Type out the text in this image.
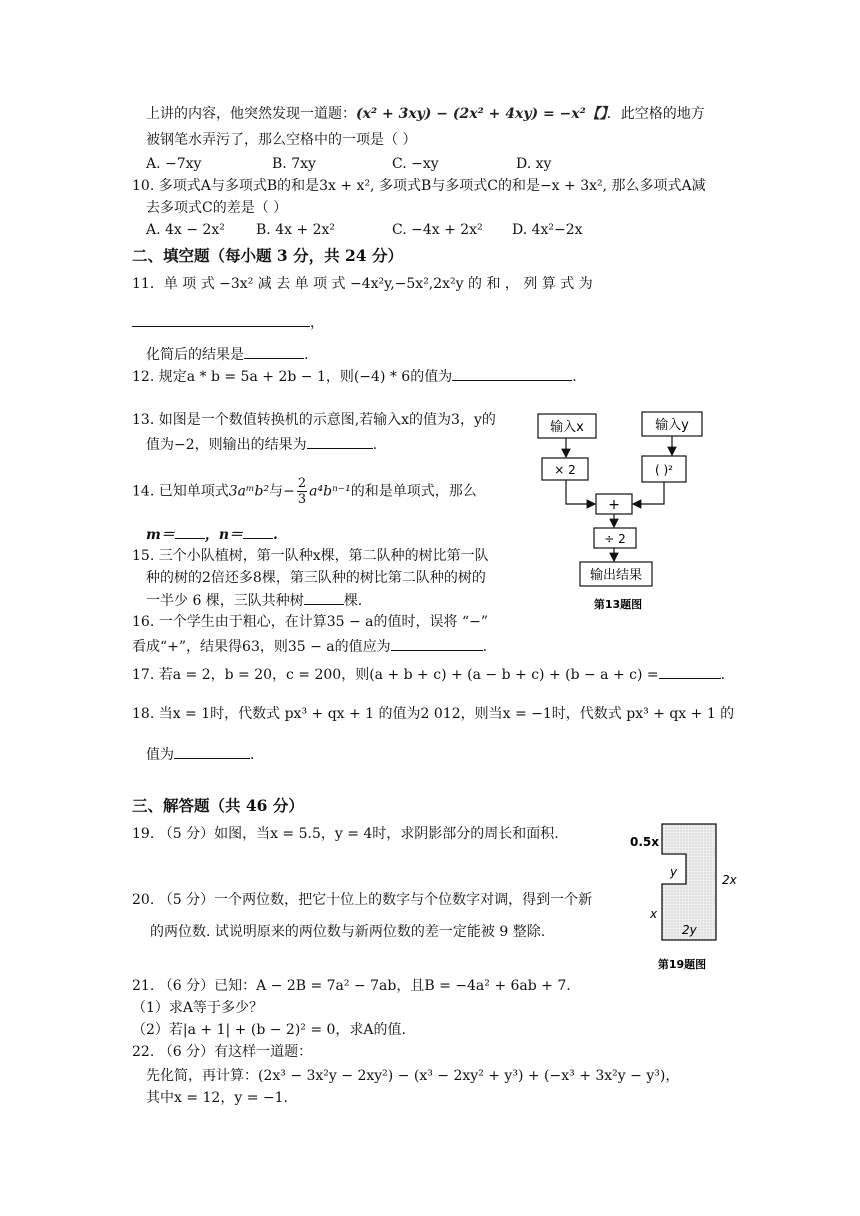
上讲的内容，他突然发现一道题：(x² + 3xy) − (2x² + 4xy) = −x²【】．此空格的地方
被钢笔水弄污了，那么空格中的一项是（ ）
A. −7xy	B. 7xy	C. −xy	D. xy
10. 多项式A与多项式B的和是3x + x², 多项式B与多项式C的和是−x + 3x², 那么多项式A减
去多项式C的差是（ ）
A. 4x − 2x² B. 4x + 2x²	C. −4x + 2x² D. 4x²−2x
二、填空题（每小题 3 分，共 24 分）
11．单 项 式 −3x² 减 去 单 项 式 −4x²y,−5x²,2x²y 的 和 ， 列 算 式 为
，
化简后的结果是	.
12. 规定a * b = 5a + 2b − 1，则(−4) * 6的值为	.
13. 如图是一个数值转换机的示意图,若输入x的值为3，y的
值为−2，则输出的结果为	.
14. 已知单项式3aᵐb²与− $\frac{2}{3} a^4b^{n-1}$的和是单项式，那么
m＝ ，n＝ .
15. 三个小队植树，第一队种x棵，第二队种的树比第一队
种的树的2倍还多8棵，第三队种的树比第二队种的树的
一半少 6 棵，三队共种树	棵.
16. 一个学生由于粗心，在计算35 − a的值时，误将 “−”
看成“+”，结果得63，则35 − a的值应为	.
17. 若a = 2，b = 20，c = 200，则(a + b + c) + (a − b + c) + (b − a + c) =	.
18. 当x = 1时，代数式 px³ + qx + 1 的值为2 012，则当x = −1时，代数式 px³ + qx + 1 的
值为	.
三、解答题（共 46 分）
19. （5 分）如图，当x = 5.5，y = 4时，求阴影部分的周长和面积.
20. （5 分）一个两位数，把它十位上的数字与个位数字对调，得到一个新
的两位数. 试说明原来的两位数与新两位数的差一定能被 9 整除.
21. （6 分）已知：A − 2B = 7a² − 7ab，且B = −4a² + 6ab + 7.
（1）求A等于多少？
（2）若|a + 1| + (b − 2)² = 0，求A的值.
22. （6 分）有这样一道题：
先化简，再计算：(2x³ − 3x²y − 2xy²) − (x³ − 2xy² + y³) + (−x³ + 3x²y − y³)，
其中x = 12，y = −1.
输入x	输入y
× 2	( )²
+
÷ 2
输出结果
第13题图
0.5x
y
2x
x
2y
第19题图
